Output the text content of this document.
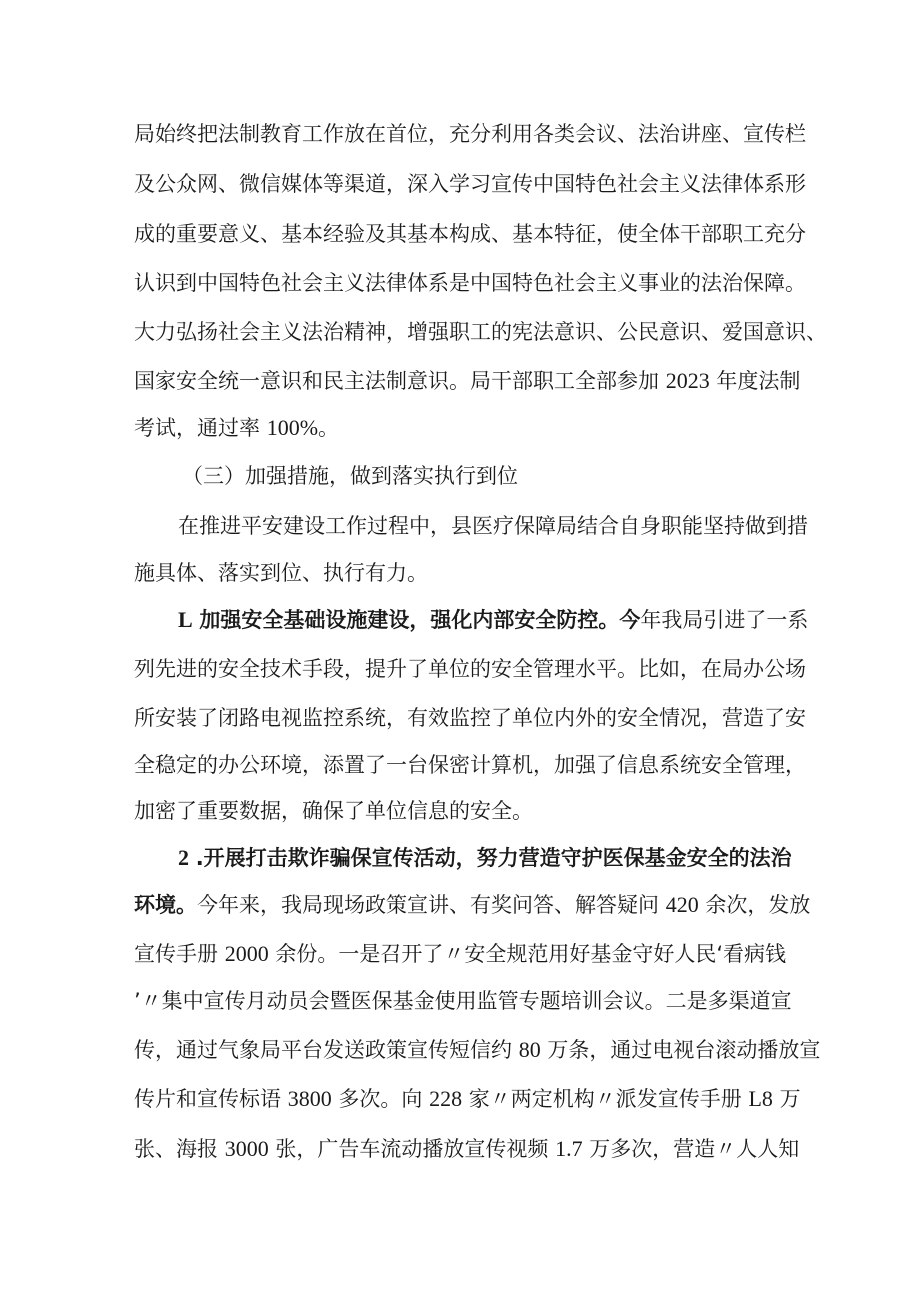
局始终把法制教育工作放在首位，充分利用各类会议、法治讲座、宣传栏
及公众网、微信媒体等渠道，深入学习宣传中国特色社会主义法律体系形
成的重要意义、基本经验及其基本构成、基本特征，使全体干部职工充分
认识到中国特色社会主义法律体系是中国特色社会主义事业的法治保障。
大力弘扬社会主义法治精神，增强职工的宪法意识、公民意识、爱国意识、
国家安全统一意识和民主法制意识。局干部职工全部参加 2023 年度法制
考试，通过率 100%。
（三）加强措施，做到落实执行到位
在推进平安建设工作过程中，县医疗保障局结合自身职能坚持做到措
施具体、落实到位、执行有力。
L 加强安全基础设施建设，强化内部安全防控。今年我局引进了一系
列先进的安全技术手段，提升了单位的安全管理水平。比如，在局办公场
所安装了闭路电视监控系统，有效监控了单位内外的安全情况，营造了安
全稳定的办公环境，添置了一台保密计算机，加强了信息系统安全管理，
加密了重要数据，确保了单位信息的安全。
2 .开展打击欺诈骗保宣传活动，努力营造守护医保基金安全的法治
环境。今年来，我局现场政策宣讲、有奖问答、解答疑问 420 余次，发放
宣传手册 2000 余份。一是召开了〃安全规范用好基金守好人民‘看病钱
’〃集中宣传月动员会暨医保基金使用监管专题培训会议。二是多渠道宣
传，通过气象局平台发送政策宣传短信约 80 万条，通过电视台滚动播放宣
传片和宣传标语 3800 多次。向 228 家〃两定机构〃派发宣传手册 L8 万
张、海报 3000 张，广告车流动播放宣传视频 1.7 万多次，营造〃人人知
